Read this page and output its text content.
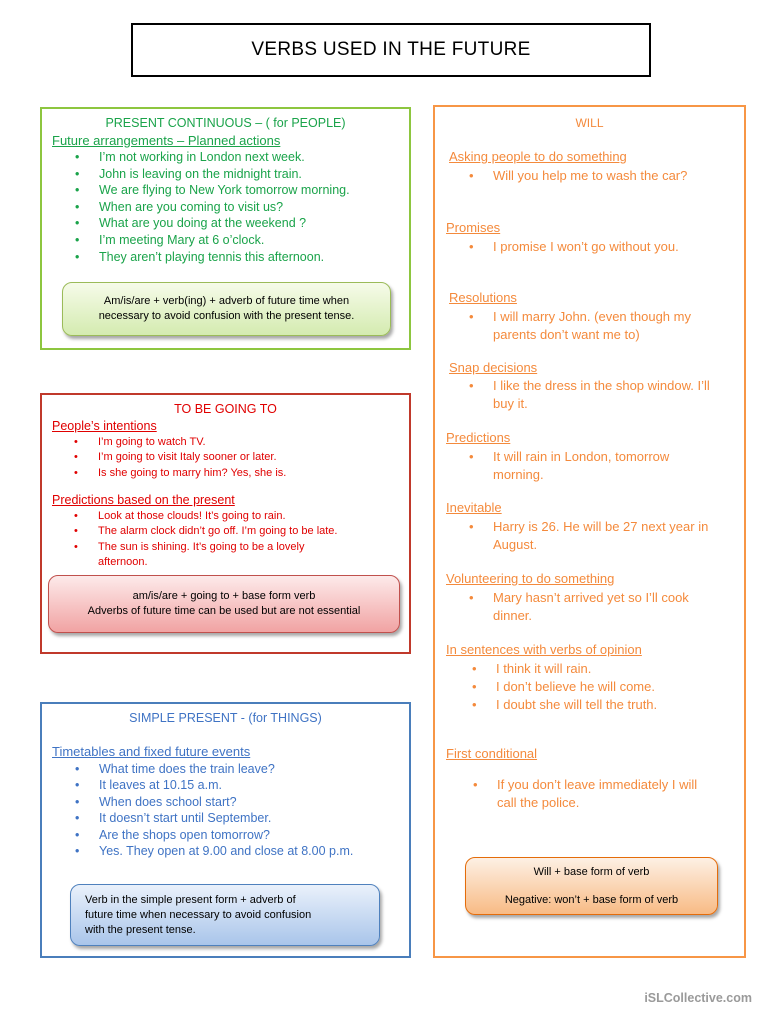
VERBS USED IN THE FUTURE
PRESENT CONTINUOUS – ( for PEOPLE)
Future arrangements – Planned actions
• I’m not working in London next week.
• John is leaving on the midnight train.
• We are flying to New York tomorrow morning.
• When are you coming to visit us?
• What are you doing at the weekend ?
• I’m meeting Mary at 6 o’clock.
• They aren’t playing tennis this afternoon.
Am/is/are + verb(ing) + adverb of future time when
necessary to avoid confusion with the present tense.
TO BE GOING TO
People’s intentions
• I’m going to watch TV.
• I’m going to visit Italy sooner or later.
• Is she going to marry him? Yes, she is.
Predictions based on the present
• Look at those clouds! It’s going to rain.
• The alarm clock didn’t go off. I’m going to be late.
• The sun is shining. It’s going to be a lovely
afternoon.
am/is/are + going to + base form verb
Adverbs of future time can be used but are not essential
SIMPLE PRESENT - (for THINGS)
Timetables and fixed future events
• What time does the train leave?
• It leaves at 10.15 a.m.
• When does school start?
• It doesn’t start until September.
• Are the shops open tomorrow?
• Yes. They open at 9.00 and close at 8.00 p.m.
Verb in the simple present form + adverb of
future time when necessary to avoid confusion
with the present tense.
WILL
Asking people to do something
• Will you help me to wash the car?
Promises
• I promise I won’t go without you.
Resolutions
• I will marry John. (even though my parents don’t want me to)
Snap decisions
• I like the dress in the shop window. I’ll buy it.
Predictions
• It will rain in London, tomorrow morning.
Inevitable
• Harry is 26. He will be 27 next year in August.
Volunteering to do something
• Mary hasn’t arrived yet so I’ll cook dinner.
In sentences with verbs of opinion
• I think it will rain.
• I don’t believe he will come.
• I doubt she will tell the truth.
First conditional
• If you don’t leave immediately I will call the police.
Will + base form of verb
Negative: won’t + base form of verb
iSLCollective.com
